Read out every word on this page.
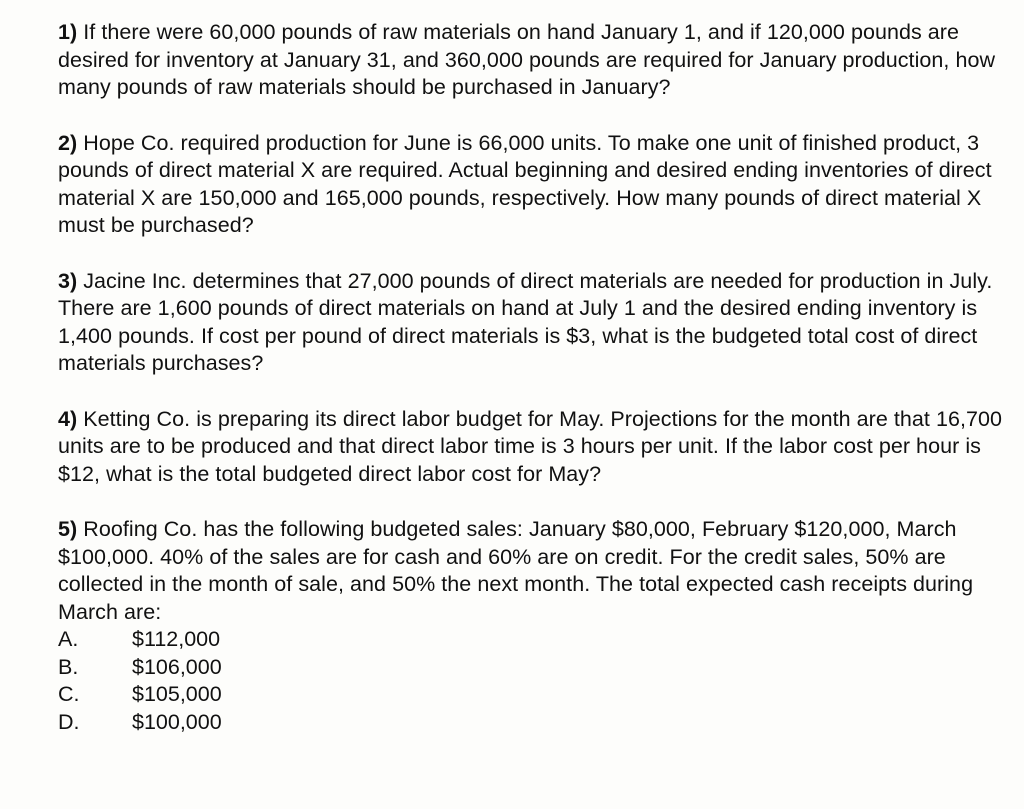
1) If there were 60,000 pounds of raw materials on hand January 1, and if 120,000 pounds are desired for inventory at January 31, and 360,000 pounds are required for January production, how many pounds of raw materials should be purchased in January?

2) Hope Co. required production for June is 66,000 units. To make one unit of finished product, 3 pounds of direct material X are required. Actual beginning and desired ending inventories of direct material X are 150,000 and 165,000 pounds, respectively. How many pounds of direct material X must be purchased?

3) Jacine Inc. determines that 27,000 pounds of direct materials are needed for production in July. There are 1,600 pounds of direct materials on hand at July 1 and the desired ending inventory is 1,400 pounds. If cost per pound of direct materials is $3, what is the budgeted total cost of direct materials purchases?

4) Ketting Co. is preparing its direct labor budget for May. Projections for the month are that 16,700 units are to be produced and that direct labor time is 3 hours per unit. If the labor cost per hour is $12, what is the total budgeted direct labor cost for May?

5) Roofing Co. has the following budgeted sales: January $80,000, February $120,000, March $100,000. 40% of the sales are for cash and 60% are on credit. For the credit sales, 50% are collected in the month of sale, and 50% the next month. The total expected cash receipts during March are:

A.	$112,000
B.	$106,000
C.	$105,000
D.	$100,000
